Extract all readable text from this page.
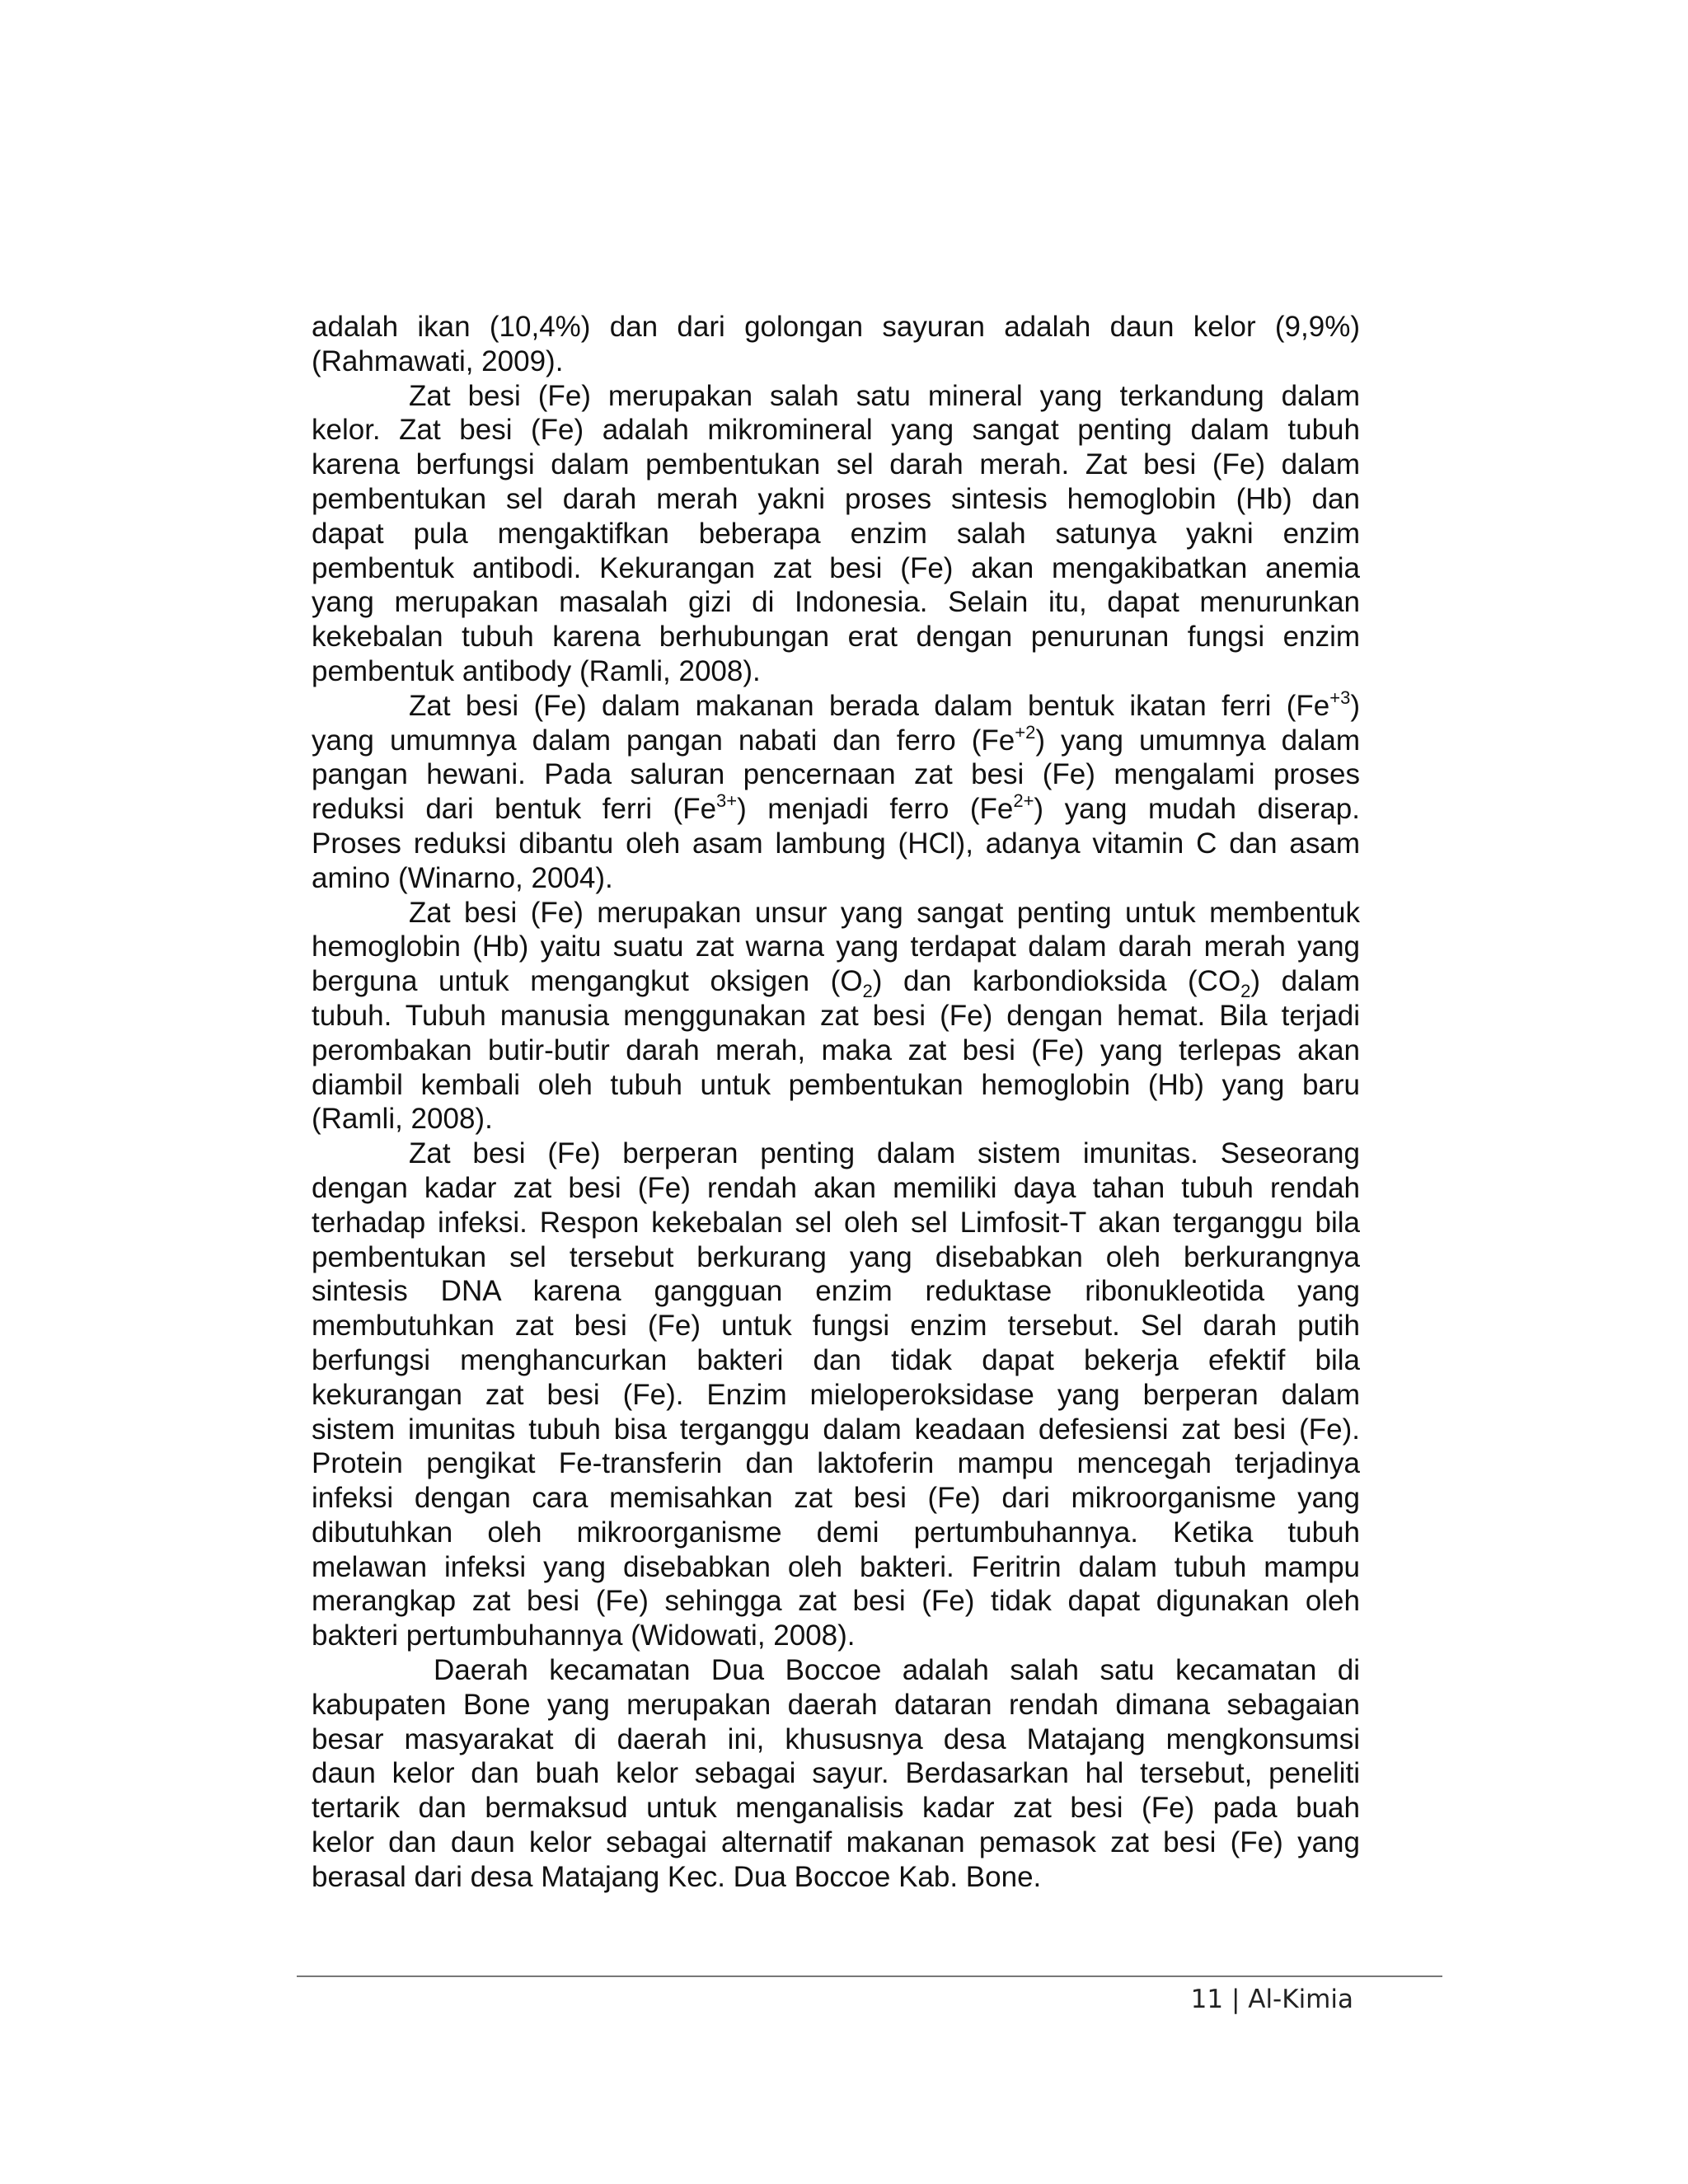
adalah ikan (10,4%) dan dari golongan sayuran adalah daun kelor (9,9%)
(Rahmawati, 2009).
Zat besi (Fe) merupakan salah satu mineral yang terkandung dalam
kelor. Zat besi (Fe) adalah mikromineral yang sangat penting dalam tubuh
karena berfungsi dalam pembentukan sel darah merah. Zat besi (Fe) dalam
pembentukan sel darah merah yakni proses sintesis hemoglobin (Hb) dan
dapat pula mengaktifkan beberapa enzim salah satunya yakni enzim
pembentuk antibodi. Kekurangan zat besi (Fe) akan mengakibatkan anemia
yang merupakan masalah gizi di Indonesia. Selain itu, dapat menurunkan
kekebalan tubuh karena berhubungan erat dengan penurunan fungsi enzim
pembentuk antibody (Ramli, 2008).
Zat besi (Fe) dalam makanan berada dalam bentuk ikatan ferri $(Fe^{+3})$
yang umumnya dalam pangan nabati dan ferro $(Fe^{+2})$ yang umumnya dalam
pangan hewani. Pada saluran pencernaan zat besi (Fe) mengalami proses
reduksi dari bentuk ferri $(Fe^{3+})$ menjadi ferro $(Fe^{2+})$ yang mudah diserap.
Proses reduksi dibantu oleh asam lambung (HCl), adanya vitamin C dan asam
amino (Winarno, 2004).
Zat besi (Fe) merupakan unsur yang sangat penting untuk membentuk
hemoglobin (Hb) yaitu suatu zat warna yang terdapat dalam darah merah yang
berguna untuk mengangkut oksigen $(O_2)$ dan karbondioksida $(CO_2)$ dalam
tubuh. Tubuh manusia menggunakan zat besi (Fe) dengan hemat. Bila terjadi
perombakan butir-butir darah merah, maka zat besi (Fe) yang terlepas akan
diambil kembali oleh tubuh untuk pembentukan hemoglobin (Hb) yang baru
(Ramli, 2008).
Zat besi (Fe) berperan penting dalam sistem imunitas. Seseorang
dengan kadar zat besi (Fe) rendah akan memiliki daya tahan tubuh rendah
terhadap infeksi. Respon kekebalan sel oleh sel Limfosit-T akan terganggu bila
pembentukan sel tersebut berkurang yang disebabkan oleh berkurangnya
sintesis DNA karena gangguan enzim reduktase ribonukleotida yang
membutuhkan zat besi (Fe) untuk fungsi enzim tersebut. Sel darah putih
berfungsi menghancurkan bakteri dan tidak dapat bekerja efektif bila
kekurangan zat besi (Fe). Enzim mieloperoksidase yang berperan dalam
sistem imunitas tubuh bisa terganggu dalam keadaan defesiensi zat besi (Fe).
Protein pengikat Fe-transferin dan laktoferin mampu mencegah terjadinya
infeksi dengan cara memisahkan zat besi (Fe) dari mikroorganisme yang
dibutuhkan oleh mikroorganisme demi pertumbuhannya. Ketika tubuh
melawan infeksi yang disebabkan oleh bakteri. Feritrin dalam tubuh mampu
merangkap zat besi (Fe) sehingga zat besi (Fe) tidak dapat digunakan oleh
bakteri pertumbuhannya (Widowati, 2008).
Daerah kecamatan Dua Boccoe adalah salah satu kecamatan di
kabupaten Bone yang merupakan daerah dataran rendah dimana sebagaian
besar masyarakat di daerah ini, khususnya desa Matajang mengkonsumsi
daun kelor dan buah kelor sebagai sayur. Berdasarkan hal tersebut, peneliti
tertarik dan bermaksud untuk menganalisis kadar zat besi (Fe) pada buah
kelor dan daun kelor sebagai alternatif makanan pemasok zat besi (Fe) yang
berasal dari desa Matajang Kec. Dua Boccoe Kab. Bone.
11 | Al-Kimia
